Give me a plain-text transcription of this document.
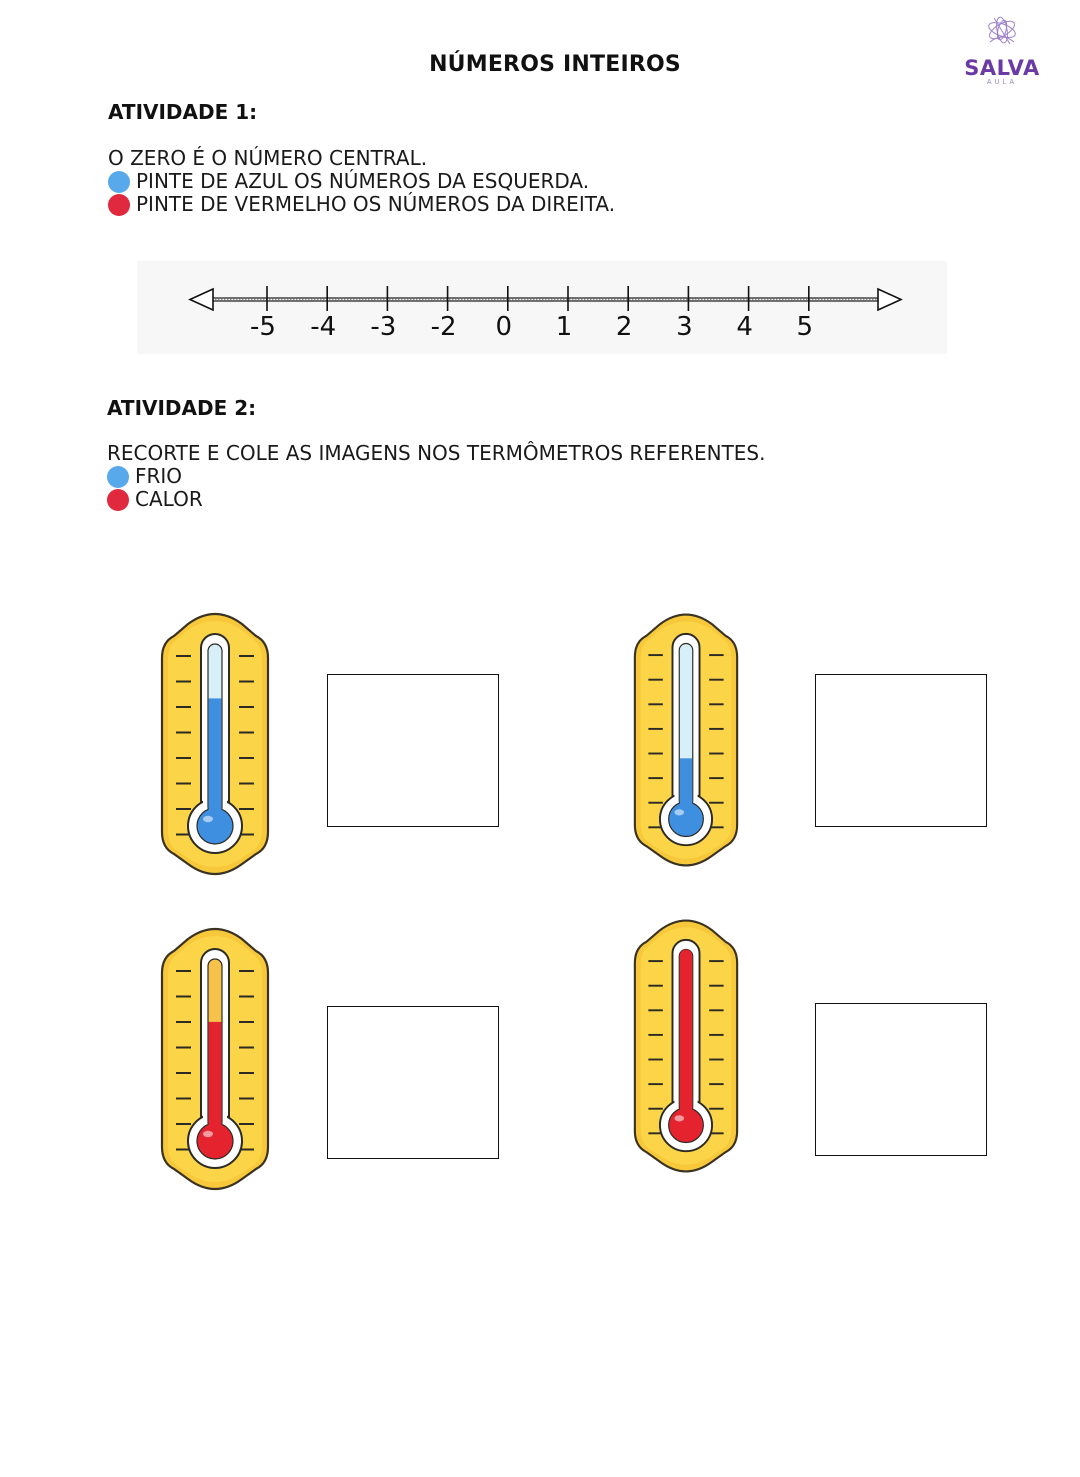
NÚMEROS INTEIROS	SALVA
AULA
ATIVIDADE 1:
O ZERO É O NÚMERO CENTRAL.
PINTE DE AZUL OS NÚMEROS DA ESQUERDA.
PINTE DE VERMELHO OS NÚMEROS DA DIREITA.
-5 -4 -3 -2 0 1 2 3 4 5
ATIVIDADE 2:
RECORTE E COLE AS IMAGENS NOS TERMÔMETROS REFERENTES.
FRIO
CALOR
